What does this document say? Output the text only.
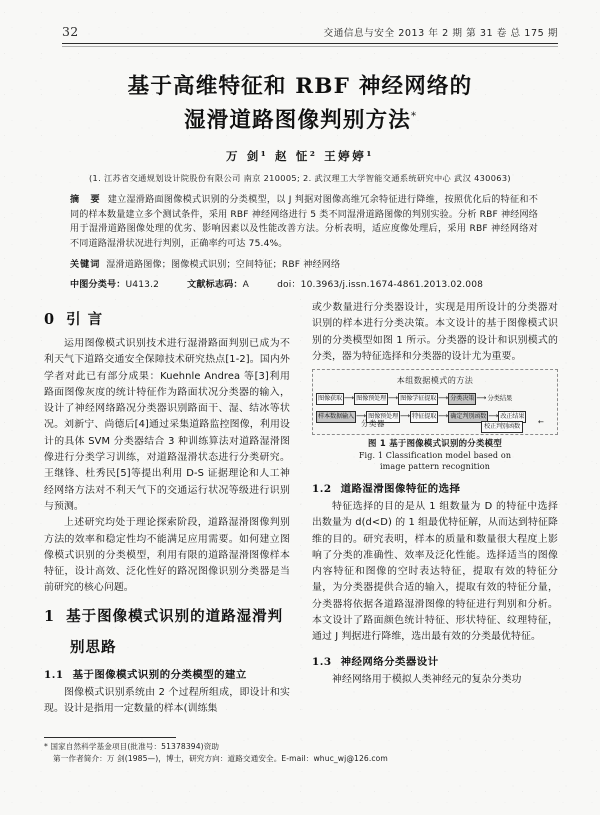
32	交通信息与安全 2013 年 2 期 第 31 卷 总 175 期
基于高维特征和 RBF 神经网络的
湿滑道路图像判别方法*
万 剑¹ 赵 怔² 王婷婷¹
(1. 江苏省交通规划设计院股份有限公司 南京 210005; 2. 武汉理工大学智能交通系统研究中心 武汉 430063)
摘 要 建立湿滑路面图像模式识别的分类模型，以 J 判据对图像高维冗余特征进行降维，按照优化后的特征和不同的样本数量建立多个测试条件，采用 RBF 神经网络进行 5 类不同湿滑道路图像的判别实验。分析 RBF 神经网络用于湿滑道路图像处理的优劣、影响因素以及性能改善方法。分析表明，适应度像处理后，采用 RBF 神经网络对不同道路湿滑状况进行判别，正确率约可达 75.4%。
关键词 湿滑道路图像；图像模式识别；空间特征；RBF 神经网络
中图分类号：U413.2	文献标志码：A	doi：10.3963/j.issn.1674-4861.2013.02.008
0 引 言

运用图像模式识别技术进行湿滑路面判别已成为不利天气下道路交通安全保障技术研究热点[1-2]。国内外学者对此已有部分成果：Kuehnle Andrea 等[3]利用路面图像灰度的统计特征作为路面状况分类器的输入，设计了神经网络路况分类器识别路面干、湿、结冰等状况。刘新宁、尚德后[4]通过采集道路监控图像，利用设计的具体 SVM 分类器结合 3 种训练算法对道路湿滑图像进行分类学习训练，对道路湿滑状态进行分类研究。王继锋、杜秀民[5]等提出利用 D-S 证据理论和人工神经网络方法对不利天气下的交通运行状况等级进行识别与预测。

上述研究均处于理论探索阶段，道路湿滑图像判别方法的效率和稳定性均不能满足应用需要。如何建立图像模式识别的分类模型，利用有限的道路湿滑图像样本特征，设计高效、泛化性好的路况图像识别分类器是当前研究的核心问题。

1 基于图像模式识别的道路湿滑判
别思路
1.1 基于图像模式识别的分类模型的建立

图像模式识别系统由 2 个过程所组成，即设计和实现。设计是指用一定数量的样本(训练集

或少数量进行分类器设计，实现是用所设计的分类器对识别的样本进行分类决策。本文设计的基于图像模式识别的分类模型如图 1 所示。分类器的设计和识别模式的分类，器为特征选择和分类器的设计尤为重要。

本组数据模式的方法
图像获取 ⟶ 图像预处理 ⟶ 图像学征提取 ⟶ 分类决策 ⟶ 分类结果
样本数据输入 ⟶ 图像预处理 ⟶ 特征提取 ⟶ 确定判别函数 ⟶ 改正结果
分类器	校正判别函数
←
图 1 基于图像模式识别的分类模型
Fig. 1 Classification model based on
image pattern recognition
1.2 道路湿滑图像特征的选择

特征选择的目的是从 1 组数量为 D 的特征中选择出数量为 d(d<D) 的 1 组最优特征解，从而达到特征降维的目的。研究表明，样本的质量和数量很大程度上影响了分类的准确性、效率及泛化性能。选择适当的图像内容特征和图像的空时表达特征，提取有效的特征分量，为分类器提供合适的输入，提取有效的特征分量，分类器将依据各道路湿滑图像的特征进行判别和分析。本文设计了路面颜色统计特征、形状特征、纹理特征，通过 J 判据进行降维，选出最有效的分类最优特征。

1.3 神经网络分类器设计

神经网络用于模拟人类神经元的复杂分类功

* 国家自然科学基金项目(批准号：51378394)资助
第一作者简介：万 剑(1985—)，博士，研究方向：道路交通安全。E-mail：whuc_wj@126.com
